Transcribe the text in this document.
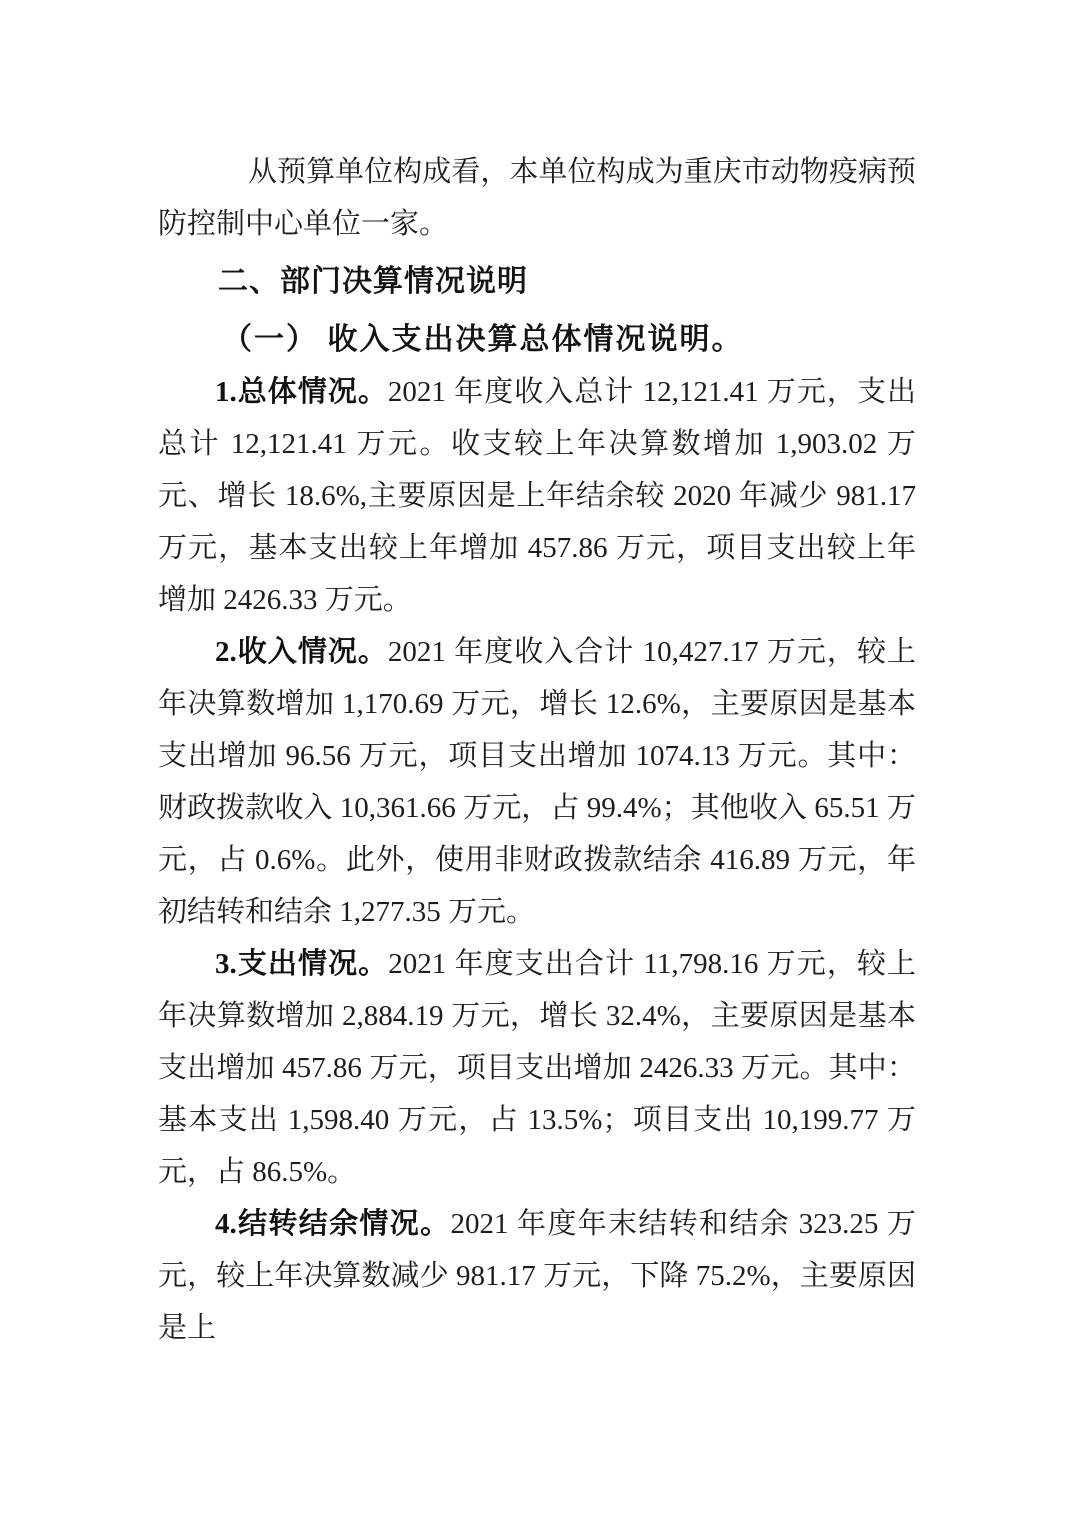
从预算单位构成看，本单位构成为重庆市动物疫病预防控制中心单位一家。

二、部门决算情况说明
（一） 收入支出决算总体情况说明。

1.总体情况。2021 年度收入总计 12,121.41 万元，支出总计 12,121.41 万元。收支较上年决算数增加 1,903.02 万元、增长 18.6%,主要原因是上年结余较 2020 年减少 981.17 万元，基本支出较上年增加 457.86 万元，项目支出较上年增加 2426.33 万元。

2.收入情况。2021 年度收入合计 10,427.17 万元，较上年决算数增加 1,170.69 万元，增长 12.6%，主要原因是基本支出增加 96.56 万元，项目支出增加 1074.13 万元。其中：财政拨款收入 10,361.66 万元，占 99.4%；其他收入 65.51 万元，占 0.6%。此外，使用非财政拨款结余 416.89 万元，年初结转和结余 1,277.35 万元。

3.支出情况。2021 年度支出合计 11,798.16 万元，较上年决算数增加 2,884.19 万元，增长 32.4%，主要原因是基本支出增加 457.86 万元，项目支出增加 2426.33 万元。其中：基本支出 1,598.40 万元，占 13.5%；项目支出 10,199.77 万元，占 86.5%。

4.结转结余情况。2021 年度年末结转和结余 323.25 万元，较上年决算数减少 981.17 万元，下降 75.2%，主要原因是上
